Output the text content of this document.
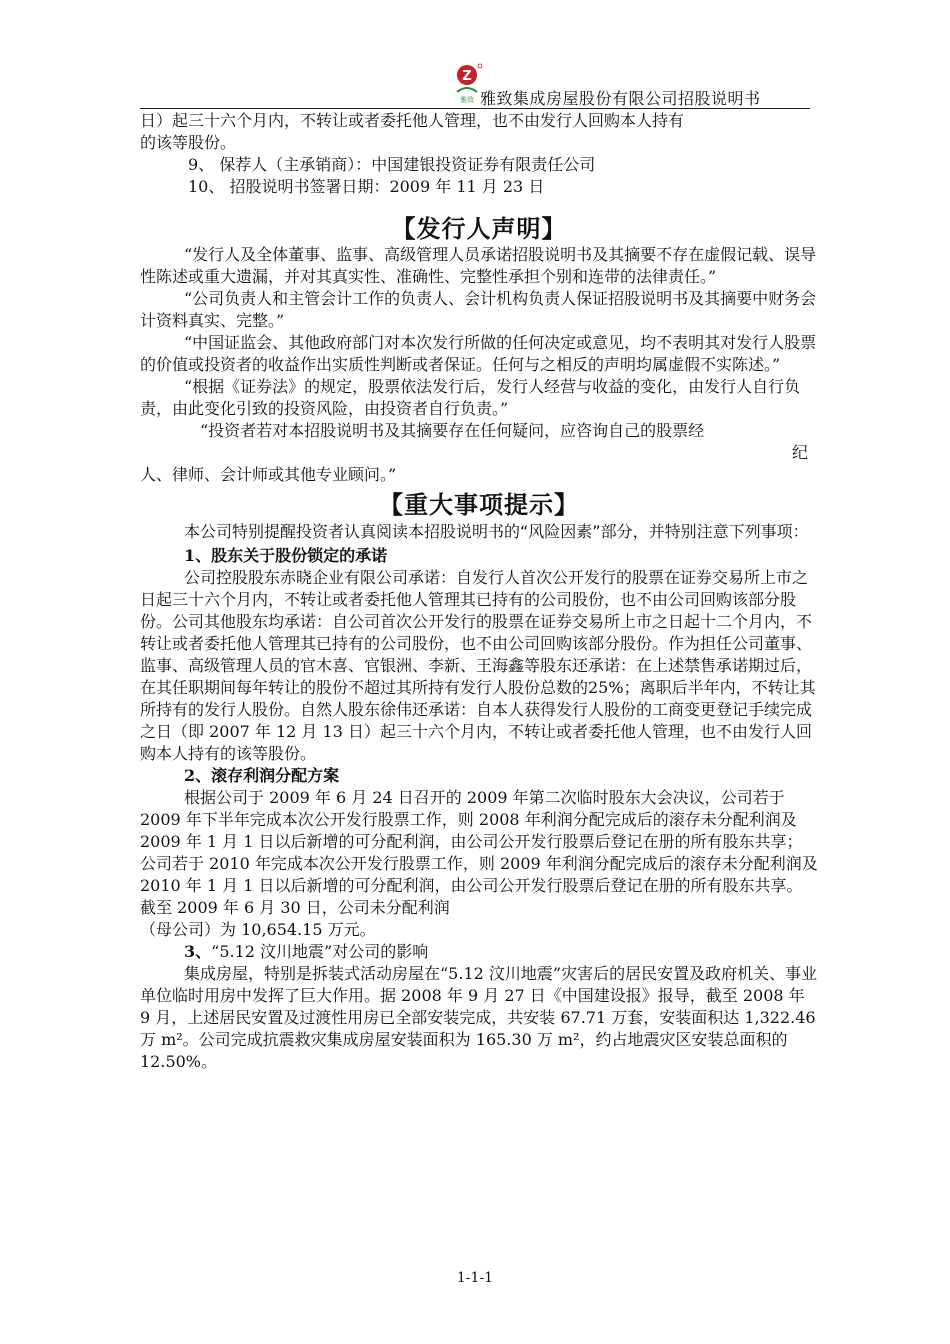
Z
雅致 雅致集成房屋股份有限公司招股说明书

日）起三十六个月内，不转让或者委托他人管理，也不由发行人回购本人持有

的该等股份。

9、 保荐人（主承销商）：中国建银投资证券有限责任公司

10、 招股说明书签署日期：2009 年 11 月 23 日

【发行人声明】

“发行人及全体董事、监事、高级管理人员承诺招股说明书及其摘要不存在虚假记载、误导性陈述或重大遗漏，并对其真实性、准确性、完整性承担个别和连带的法律责任。”

“公司负责人和主管会计工作的负责人、会计机构负责人保证招股说明书及其摘要中财务会计资料真实、完整。”

“中国证监会、其他政府部门对本次发行所做的任何决定或意见，均不表明其对发行人股票的价值或投资者的收益作出实质性判断或者保证。任何与之相反的声明均属虚假不实陈述。”

“根据《证券法》的规定，股票依法发行后，发行人经营与收益的变化，由发行人自行负责，由此变化引致的投资风险，由投资者自行负责。”

“投资者若对本招股说明书及其摘要存在任何疑问，应咨询自己的股票经

纪

人、律师、会计师或其他专业顾问。”

【重大事项提示】

本公司特别提醒投资者认真阅读本招股说明书的“风险因素”部分，并特别注意下列事项：

1、股东关于股份锁定的承诺

公司控股股东赤晓企业有限公司承诺：自发行人首次公开发行的股票在证券交易所上市之日起三十六个月内，不转让或者委托他人管理其已持有的公司股份，也不由公司回购该部分股份。公司其他股东均承诺：自公司首次公开发行的股票在证券交易所上市之日起十二个月内，不转让或者委托他人管理其已持有的公司股份，也不由公司回购该部分股份。作为担任公司董事、监事、高级管理人员的官木喜、官银洲、李新、王海鑫等股东还承诺：在上述禁售承诺期过后，在其任职期间每年转让的股份不超过其所持有发行人股份总数的25%；离职后半年内，不转让其所持有的发行人股份。自然人股东徐伟还承诺：自本人获得发行人股份的工商变更登记手续完成之日（即 2007 年 12 月 13 日）起三十六个月内，不转让或者委托他人管理，也不由发行人回购本人持有的该等股份。

2、滚存利润分配方案

根据公司于 2009 年 6 月 24 日召开的 2009 年第二次临时股东大会决议，公司若于 2009 年下半年完成本次公开发行股票工作，则 2008 年利润分配完成后的滚存未分配利润及 2009 年 1 月 1 日以后新增的可分配利润，由公司公开发行股票后登记在册的所有股东共享；公司若于 2010 年完成本次公开发行股票工作，则 2009 年利润分配完成后的滚存未分配利润及 2010 年 1 月 1 日以后新增的可分配利润，由公司公开发行股票后登记在册的所有股东共享。截至 2009 年 6 月 30 日，公司未分配利润

（母公司）为 10,654.15 万元。

3、“5.12 汶川地震”对公司的影响

集成房屋，特别是拆装式活动房屋在“5.12 汶川地震”灾害后的居民安置及政府机关、事业单位临时用房中发挥了巨大作用。据 2008 年 9 月 27 日《中国建设报》报导，截至 2008 年 9 月，上述居民安置及过渡性用房已全部安装完成，共安装 67.71 万套，安装面积达 1,322.46 万 m²。公司完成抗震救灾集成房屋安装面积为 165.30 万 m²，约占地震灾区安装总面积的 12.50%。

1-1-1
